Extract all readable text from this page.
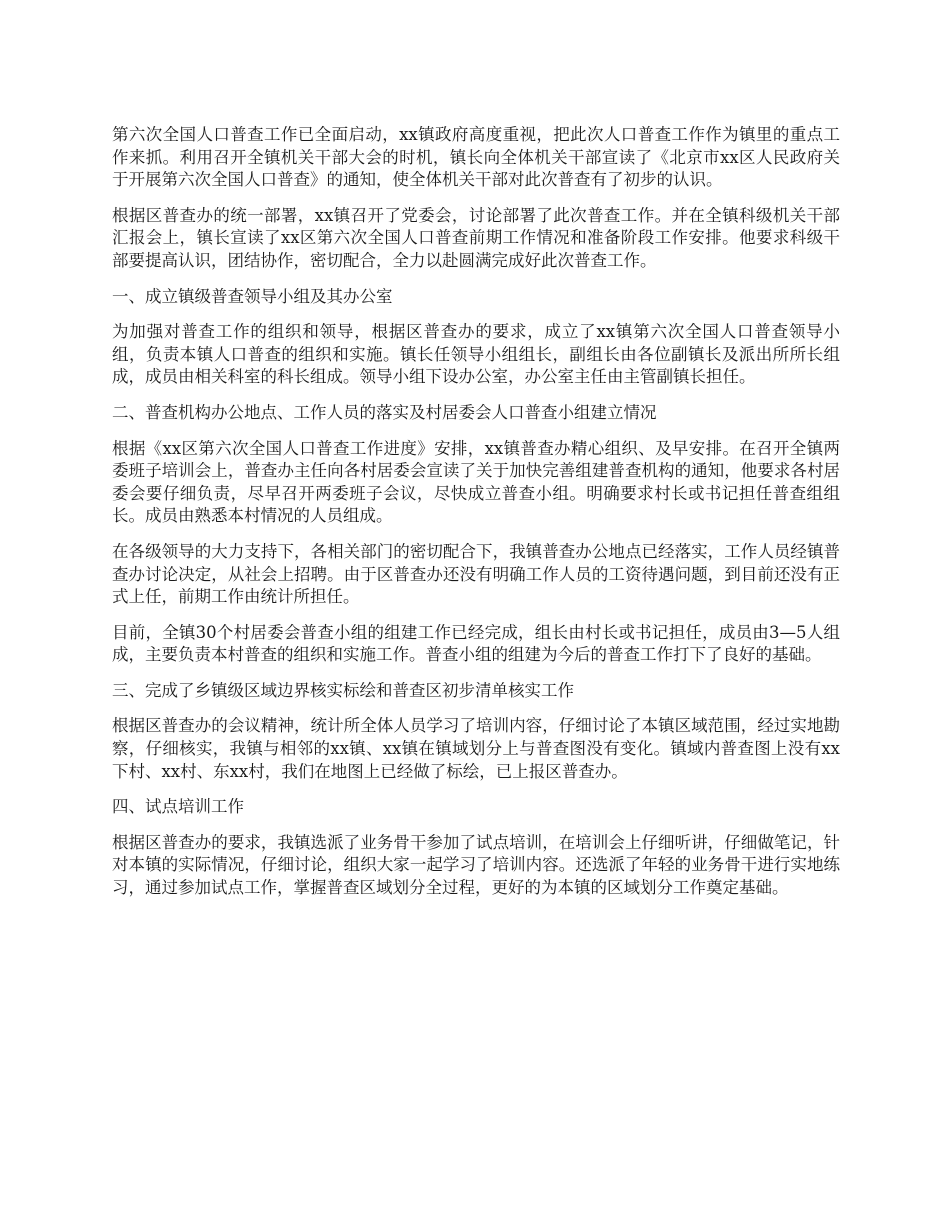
第六次全国人口普查工作已全面启动，xx镇政府高度重视，把此次人口普查工作作为镇里的重点工作来抓。利用召开全镇机关干部大会的时机，镇长向全体机关干部宣读了《北京市xx区人民政府关于开展第六次全国人口普查》的通知，使全体机关干部对此次普查有了初步的认识。

根据区普查办的统一部署，xx镇召开了党委会，讨论部署了此次普查工作。并在全镇科级机关干部汇报会上，镇长宣读了xx区第六次全国人口普查前期工作情况和准备阶段工作安排。他要求科级干部要提高认识，团结协作，密切配合，全力以赴圆满完成好此次普查工作。

一、成立镇级普查领导小组及其办公室

为加强对普查工作的组织和领导，根据区普查办的要求，成立了xx镇第六次全国人口普查领导小组，负责本镇人口普查的组织和实施。镇长任领导小组组长，副组长由各位副镇长及派出所所长组成，成员由相关科室的科长组成。领导小组下设办公室，办公室主任由主管副镇长担任。

二、普查机构办公地点、工作人员的落实及村居委会人口普查小组建立情况

根据《xx区第六次全国人口普查工作进度》安排，xx镇普查办精心组织、及早安排。在召开全镇两委班子培训会上，普查办主任向各村居委会宣读了关于加快完善组建普查机构的通知，他要求各村居委会要仔细负责，尽早召开两委班子会议，尽快成立普查小组。明确要求村长或书记担任普查组组长。成员由熟悉本村情况的人员组成。

在各级领导的大力支持下，各相关部门的密切配合下，我镇普查办公地点已经落实，工作人员经镇普查办讨论决定，从社会上招聘。由于区普查办还没有明确工作人员的工资待遇问题，到目前还没有正式上任，前期工作由统计所担任。

目前，全镇30个村居委会普查小组的组建工作已经完成，组长由村长或书记担任，成员由3—5人组成，主要负责本村普查的组织和实施工作。普查小组的组建为今后的普查工作打下了良好的基础。

三、完成了乡镇级区域边界核实标绘和普查区初步清单核实工作

根据区普查办的会议精神，统计所全体人员学习了培训内容，仔细讨论了本镇区域范围，经过实地勘察，仔细核实，我镇与相邻的xx镇、xx镇在镇域划分上与普查图没有变化。镇域内普查图上没有xx下村、xx村、东xx村，我们在地图上已经做了标绘，已上报区普查办。

四、试点培训工作

根据区普查办的要求，我镇选派了业务骨干参加了试点培训，在培训会上仔细听讲，仔细做笔记，针对本镇的实际情况，仔细讨论，组织大家一起学习了培训内容。还选派了年轻的业务骨干进行实地练习，通过参加试点工作，掌握普查区域划分全过程，更好的为本镇的区域划分工作奠定基础。
